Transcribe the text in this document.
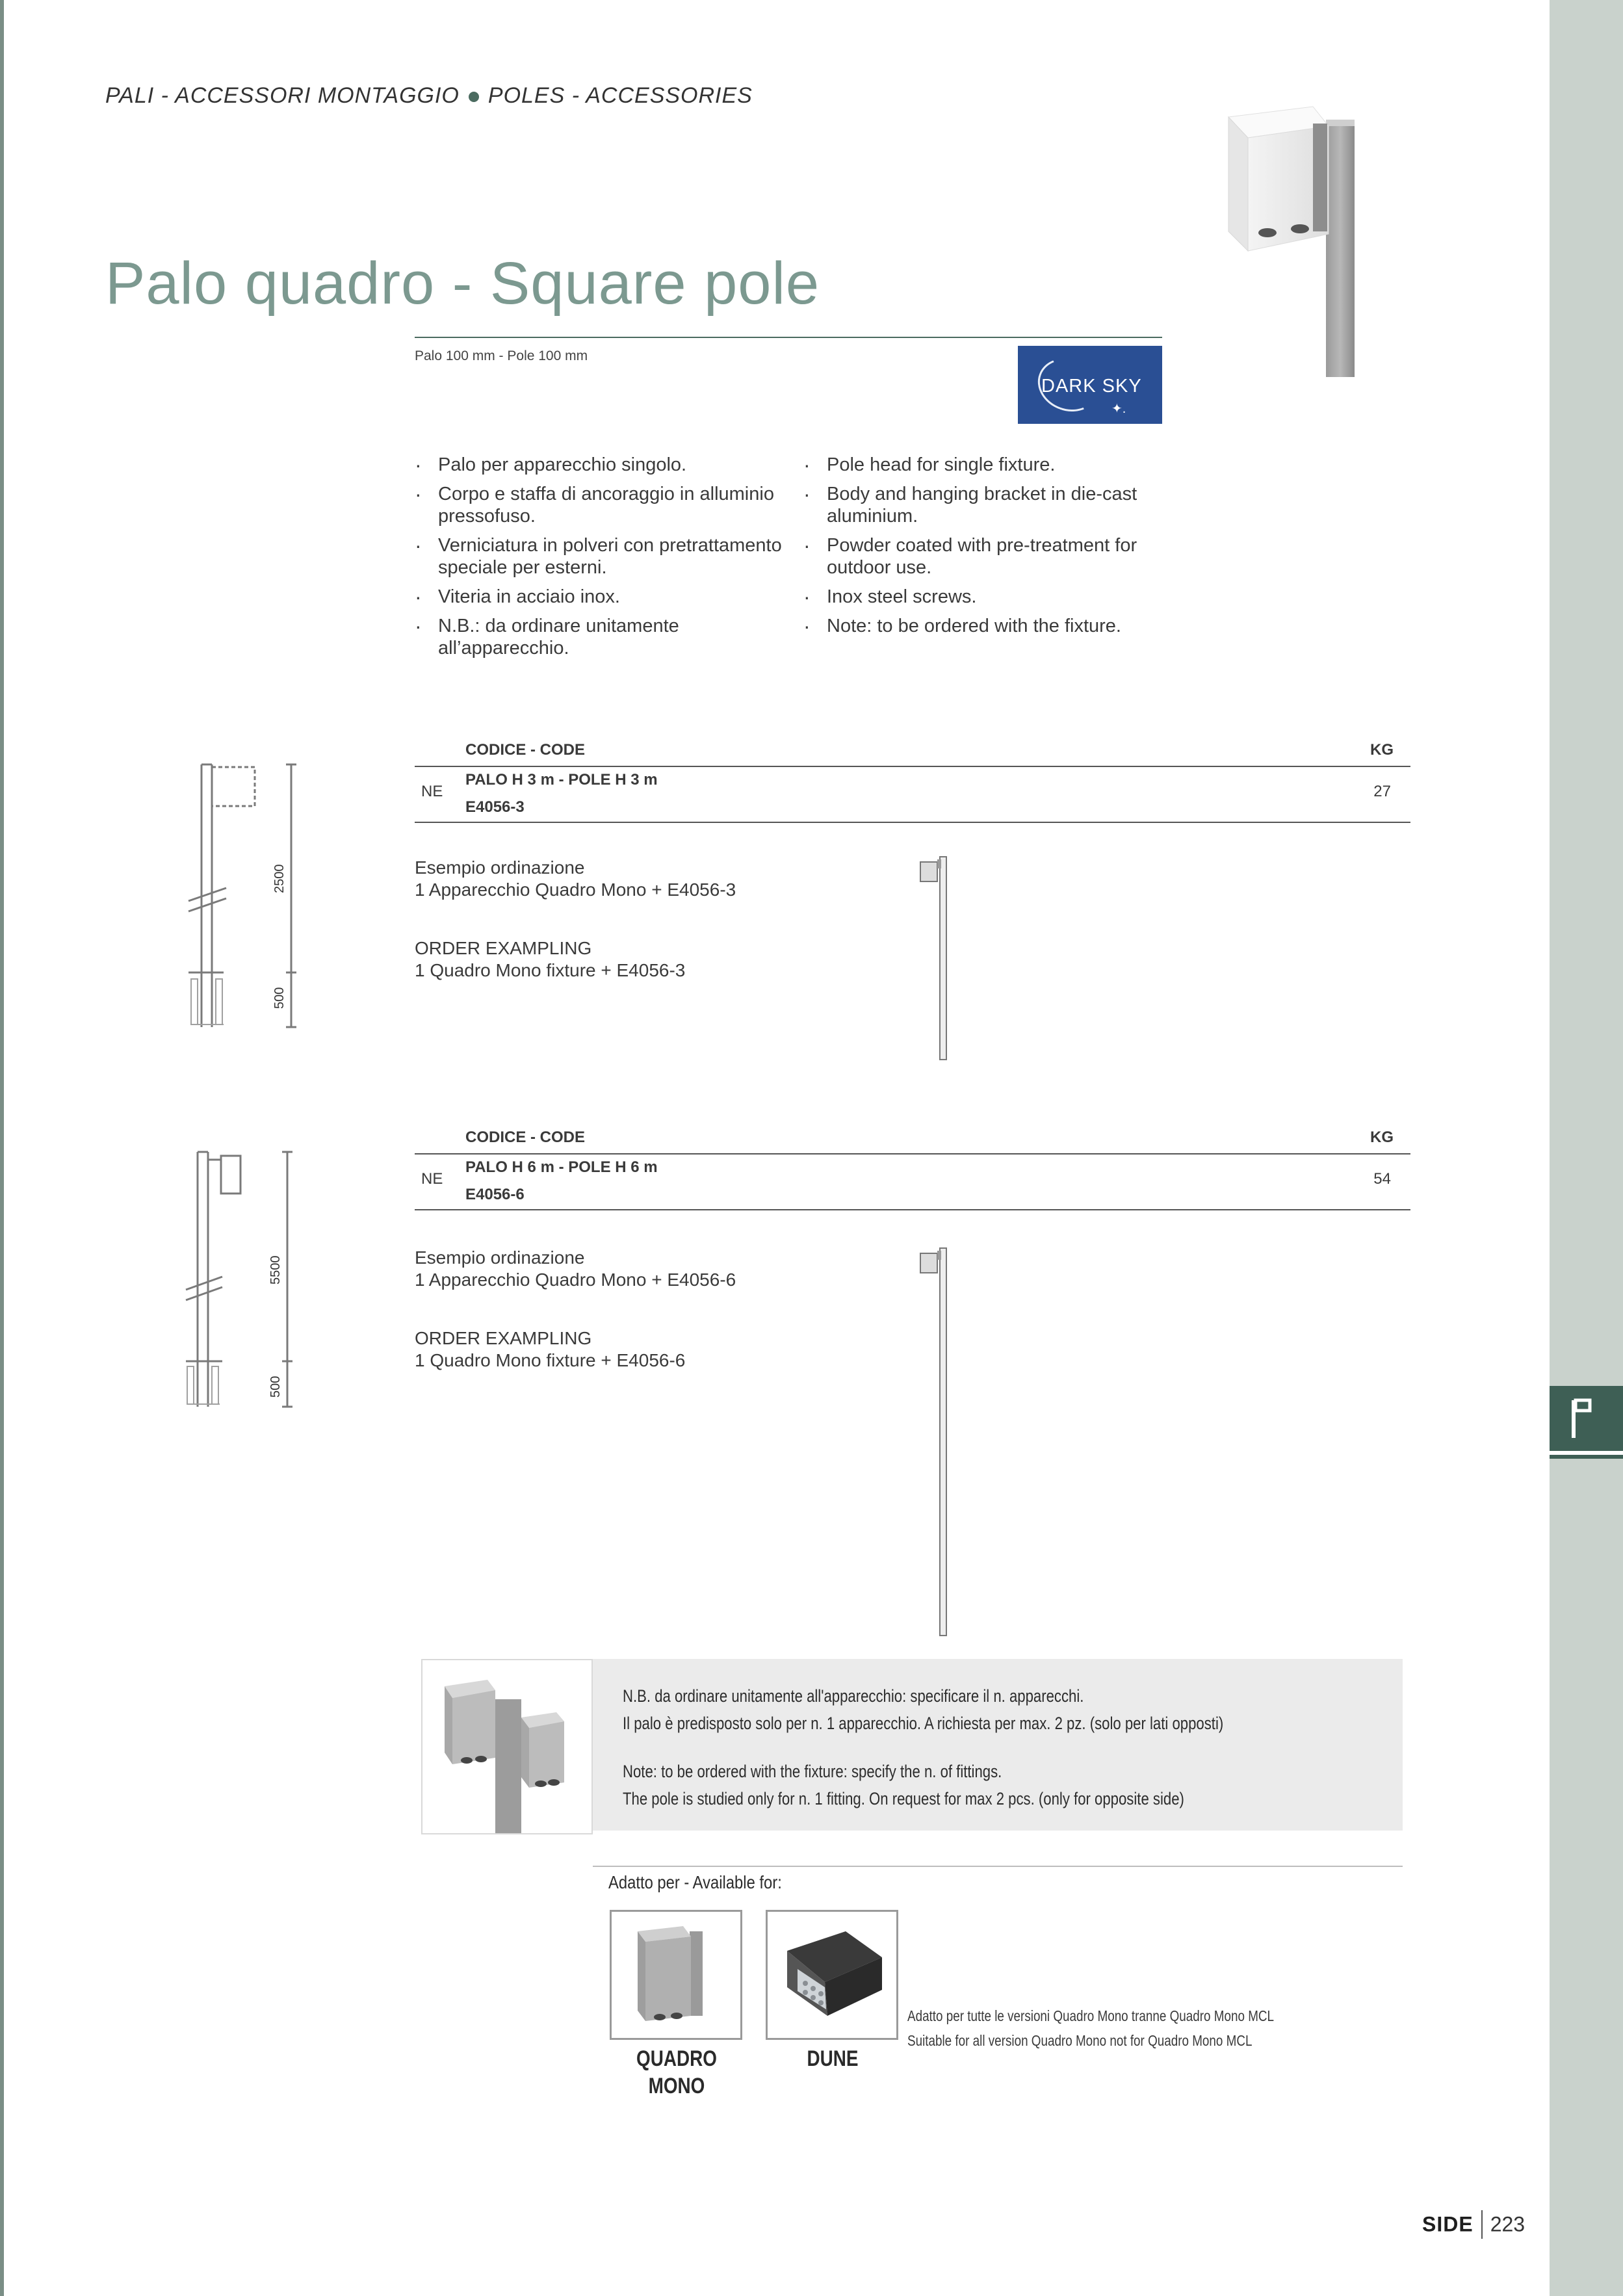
PALI - ACCESSORI MONTAGGIO POLES - ACCESSORIES
Palo quadro - Square pole
Palo 100 mm - Pole 100 mm
DARK SKY
✦.
· Palo per apparecchio singolo.
· Corpo e staffa di ancoraggio in alluminio pressofuso.
· Verniciatura in polveri con pretrattamento speciale per esterni.
· Viteria in acciaio inox.
· N.B.: da ordinare unitamente all’apparecchio.
· Pole head for single fixture.
· Body and hanging bracket in die-cast aluminium.
· Powder coated with pre-treatment for outdoor use.
· Inox steel screws.
· Note: to be ordered with the fixture.
2500
500
CODICE - CODE	KG
NE
PALO H 3 m - POLE H 3 m
E4056-3
27

Esempio ordinazione

1 Apparecchio Quadro Mono + E4056-3

ORDER EXAMPLING

1 Quadro Mono fixture + E4056-3

5500
500
CODICE - CODE	KG
NE
PALO H 6 m - POLE H 6 m
E4056-6
54

Esempio ordinazione

1 Apparecchio Quadro Mono + E4056-6

ORDER EXAMPLING

1 Quadro Mono fixture + E4056-6

N.B. da ordinare unitamente all'apparecchio: specificare il n. apparecchi.
Il palo è predisposto solo per n. 1 apparecchio. A richiesta per max. 2 pz. (solo per lati opposti)
Note: to be ordered with the fixture: specify the n. of fittings.
The pole is studied only for n. 1 fitting. On request for max 2 pcs. (only for opposite side)
Adatto per - Available for:
QUADRO
MONO
DUNE
Adatto per tutte le versioni Quadro Mono tranne Quadro Mono MCL
Suitable for all version Quadro Mono not for Quadro Mono MCL
SIDE 223
